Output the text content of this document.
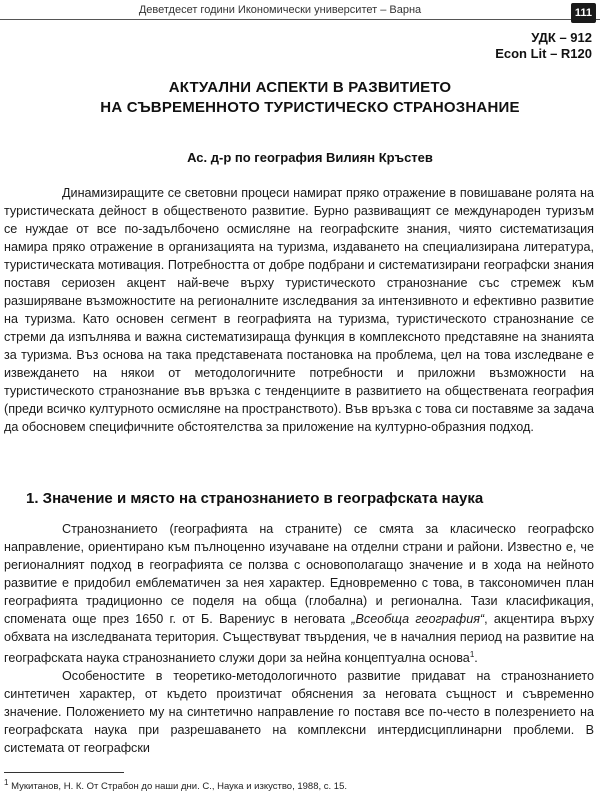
Деветдесет години Икономически университет – Варна	111
УДК – 912
Econ Lit – R120
АКТУАЛНИ АСПЕКТИ В РАЗВИТИЕТО
НА СЪВРЕМЕННОТО ТУРИСТИЧЕСКО СТРАНОЗНАНИЕ
Ас. д-р по география Вилиян Кръстев

Динамизиращите се световни процеси намират пряко отражение в повишаване ролята на туристическата дейност в общественото развитие. Бурно развиващият се международен туризъм се нуждае от все по-задълбочено осмисляне на географските знания, чиято систематизация намира пряко отражение в организацията на туризма, издаването на специализирана литература, туристическата мотивация. Потребността от добре подбрани и систематизирани географски знания поставя сериозен акцент най-вече върху туристическото странознание със стремеж към разширяване възможностите на регионалните изследвания за интензивното и ефективно развитие на туризма. Като основен сегмент в географията на туризма, туристическото странознание се стреми да изпълнява и важна систематизираща функция в комплексното представяне на знанията за туризма. Въз основа на така представената постановка на проблема, цел на това изследване е извеждането на някои от методологичните потребности и приложни възможности на туристическото странознание във връзка с тенденциите в развитието на обществената география (преди всичко културното осмисляне на пространството). Във връзка с това си поставяме за задача да обосновем специфичните обстоятелства за приложение на културно-образния подход.

1. Значение и място на странознанието в географската наука

Странознанието (географията на страните) се смята за класическо географско направление, ориентирано към пълноценно изучаване на отделни страни и райони. Известно е, че регионалният подход в географията се ползва с основополагащо значение и в хода на нейното развитие е придобил емблематичен за нея характер. Едновременно с това, в таксономичен план географията традиционно се поделя на обща (глобална) и регионална. Тази класификация, спомената още през 1650 г. от Б. Варениус в неговата „Всеобща география“, акцентира върху обхвата на изследваната територия. Съществуват твърдения, че в началния период на развитие на географската наука странознанието служи дори за нейна концептуална основа$^1$.

Особеностите в теоретико-методологичното развитие придават на странознанието синтетичен характер, от където произтичат обяснения за неговата същност и съвременно значение. Положението му на синтетично направление го поставя все по-често в полезрението на географската наука при разрешаването на комплексни интердисциплинарни проблеми. В системата от географски

$^1$ Мукитанов, Н. К. От Страбон до наши дни. С., Наука и изкуство, 1988, с. 15.
